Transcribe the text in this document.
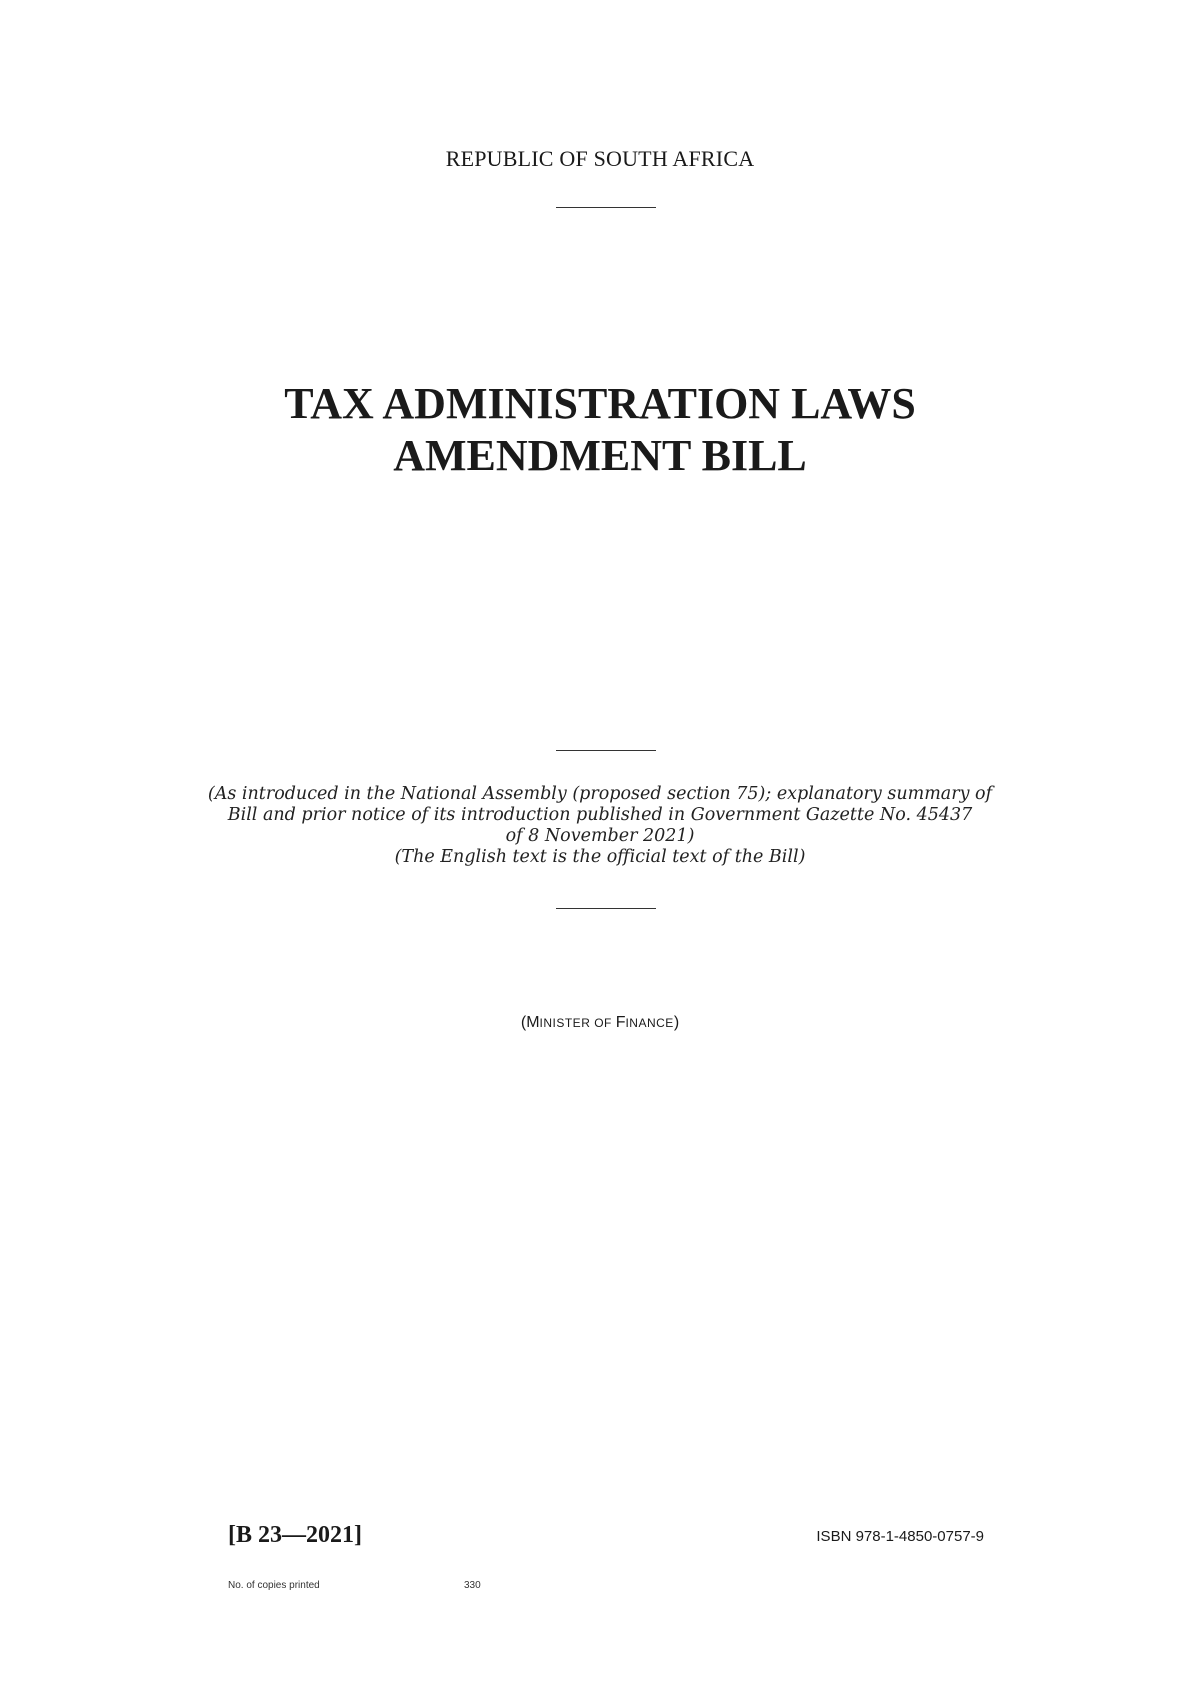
REPUBLIC OF SOUTH AFRICA
TAX ADMINISTRATION LAWS
AMENDMENT BILL
(As introduced in the National Assembly (proposed section 75); explanatory summary of
Bill and prior notice of its introduction published in Government Gazette No. 45437
of 8 November 2021)
(The English text is the official text of the Bill)
(MINISTER OF FINANCE)
[B 23—2021]	ISBN 978-1-4850-0757-9
No. of copies printed	330
